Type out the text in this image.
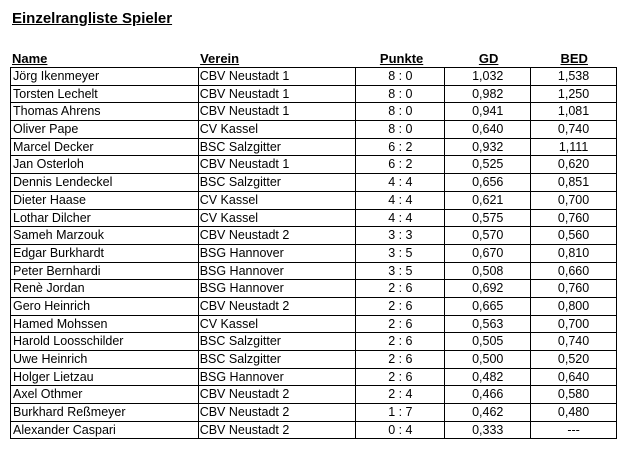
Einzelrangliste Spieler
Name	Verein	Punkte	GD	BED
Jörg Ikenmeyer	CBV Neustadt 1	8 : 0	1,032	1,538
Torsten Lechelt	CBV Neustadt 1	8 : 0	0,982	1,250
Thomas Ahrens	CBV Neustadt 1	8 : 0	0,941	1,081
Oliver Pape	CV Kassel	8 : 0	0,640	0,740
Marcel Decker	BSC Salzgitter	6 : 2	0,932	1,111
Jan Osterloh	CBV Neustadt 1	6 : 2	0,525	0,620
Dennis Lendeckel	BSC Salzgitter	4 : 4	0,656	0,851
Dieter Haase	CV Kassel	4 : 4	0,621	0,700
Lothar Dilcher	CV Kassel	4 : 4	0,575	0,760
Sameh Marzouk	CBV Neustadt 2	3 : 3	0,570	0,560
Edgar Burkhardt	BSG Hannover	3 : 5	0,670	0,810
Peter Bernhardi	BSG Hannover	3 : 5	0,508	0,660
Renè Jordan	BSG Hannover	2 : 6	0,692	0,760
Gero Heinrich	CBV Neustadt 2	2 : 6	0,665	0,800
Hamed Mohssen	CV Kassel	2 : 6	0,563	0,700
Harold Loosschilder	BSC Salzgitter	2 : 6	0,505	0,740
Uwe Heinrich	BSC Salzgitter	2 : 6	0,500	0,520
Holger Lietzau	BSG Hannover	2 : 6	0,482	0,640
Axel Othmer	CBV Neustadt 2	2 : 4	0,466	0,580
Burkhard Reßmeyer	CBV Neustadt 2	1 : 7	0,462	0,480
Alexander Caspari	CBV Neustadt 2	0 : 4	0,333	---
